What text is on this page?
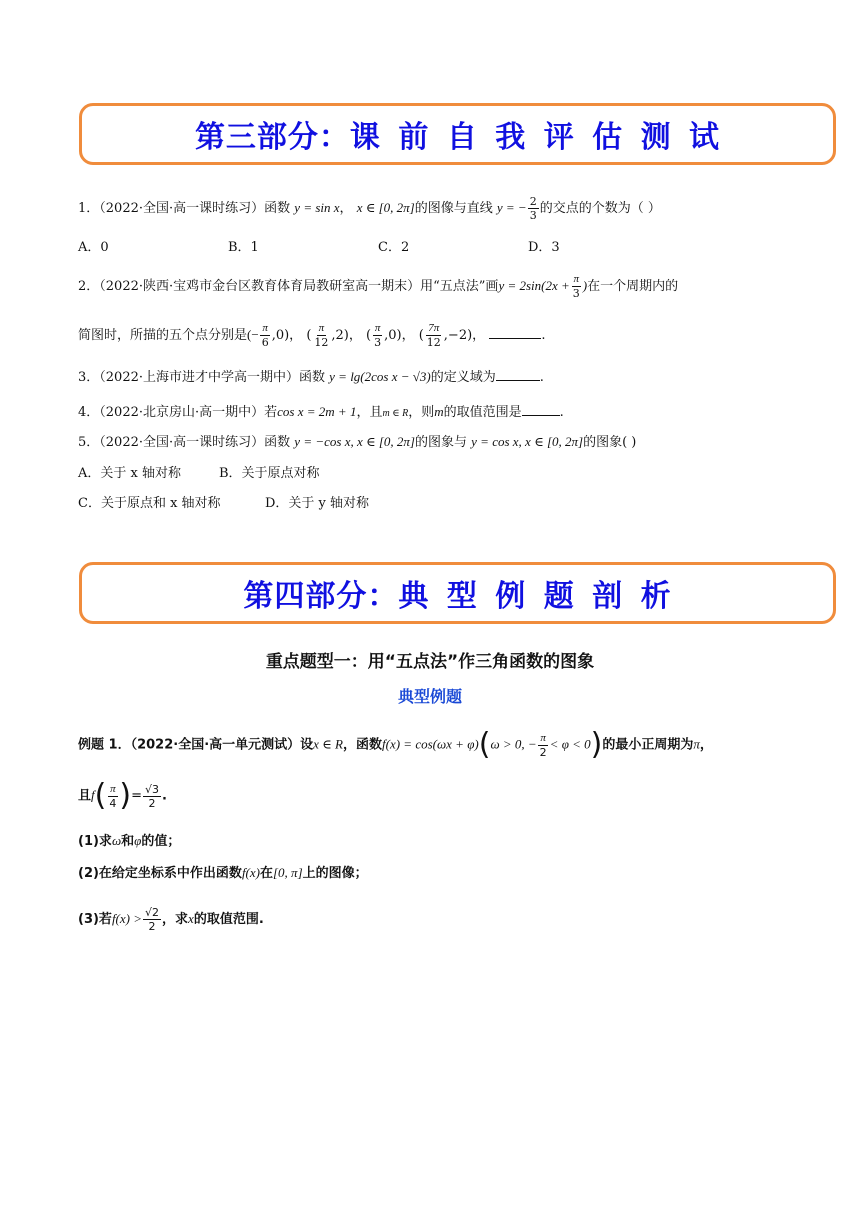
第三部分：课 前 自 我 评 估 测 试
1．（2022·全国·高一课时练习）函数 y = sin x， x ∈ [0, 2π]的图像与直线 y = − $\frac{2}{3}$ 的交点的个数为（ ）
A．0	B．1	C．2	D．3
2．（2022·陕西·宝鸡市金台区教育体育局教研室高一期末）用“五点法”画$y = 2\sin(2x + \frac{\pi}{3}$ )在一个周期内的
简图时，所描的五个点分别是(− $\frac{\pi}{6} ,0$)， ( $\frac{\pi}{12} ,2$)， ( $\frac{\pi}{3} ,0$)， ( $\frac{7\pi}{12} ,-2$)，	.
3．（2022·上海市进才中学高一期中）函数 y = lg(2cos x − √3)的定义域为	.
4．（2022·北京房山·高一期中）若cos x = 2m + 1，且m ∈ R，则m的取值范围是	.
5．（2022·全国·高一课时练习）函数 y = −cos x, x ∈ [0, 2π]的图象与 y = cos x, x ∈ [0, 2π]的图象( )
A．关于 x 轴对称	B．关于原点对称
C．关于原点和 x 轴对称	D．关于 y 轴对称
第四部分：典 型 例 题 剖 析
重点题型一：用“五点法”作三角函数的图象
典型例题
例题 1．（2022·全国·高一单元测试）设x ∈ R，函数f(x) = cos(ωx + φ)(ω > 0, − $\frac{\pi}{2} < \varphi < 0$)的最小正周期为π，
且$f( \frac{\pi}{4}$ )= $\frac{√3}{2}$ .
(1)求ω和φ的值；
(2)在给定坐标系中作出函数f(x)在[0, π]上的图像；
(3)若$f(x) > \frac{√2}{2}$ ，求x的取值范围.
